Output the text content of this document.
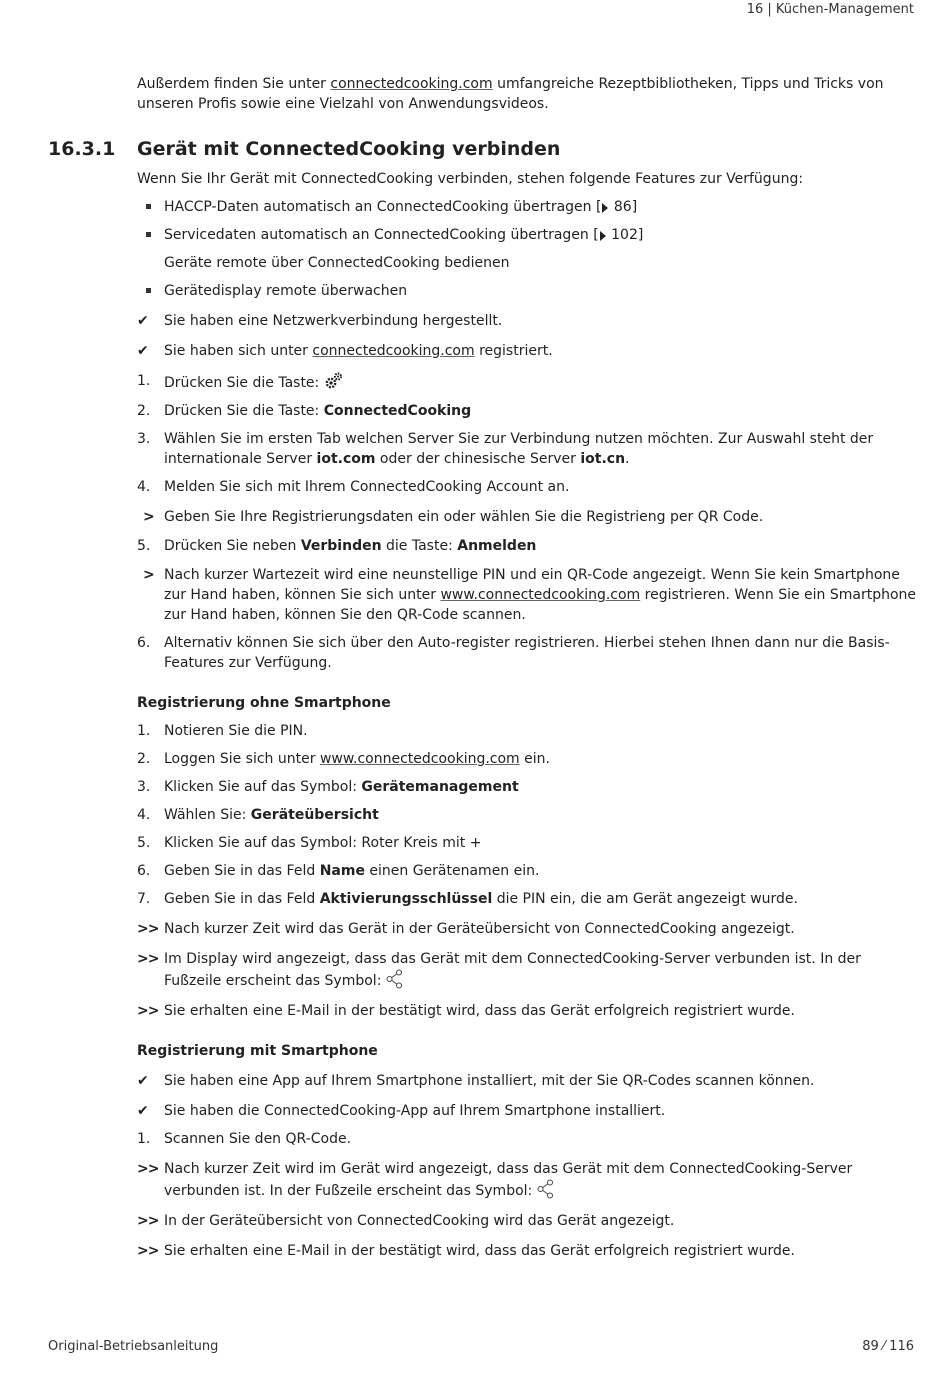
16 | Küchen-Management

Außerdem finden Sie unter connectedcooking.com umfangreiche Rezeptbibliotheken, Tipps und Tricks von unseren Profis sowie eine Vielzahl von Anwendungsvideos.

16.3.1 Gerät mit ConnectedCooking verbinden

Wenn Sie Ihr Gerät mit ConnectedCooking verbinden, stehen folgende Features zur Verfügung:

HACCP-Daten automatisch an ConnectedCooking übertragen [ 86]
Servicedaten automatisch an ConnectedCooking übertragen [ 102]
Geräte remote über ConnectedCooking bedienen
Gerätedisplay remote überwachen
✔	Sie haben eine Netzwerkverbindung hergestellt.
✔	Sie haben sich unter connectedcooking.com registriert.
1. Drücken Sie die Taste:
2. Drücken Sie die Taste: ConnectedCooking
3. Wählen Sie im ersten Tab welchen Server Sie zur Verbindung nutzen möchten. Zur Auswahl steht der internationale Server iot.com oder der chinesische Server iot.cn.
4. Melden Sie sich mit Ihrem ConnectedCooking Account an.
> Geben Sie Ihre Registrierungsdaten ein oder wählen Sie die Registrieng per QR Code.
5. Drücken Sie neben Verbinden die Taste: Anmelden
> Nach kurzer Wartezeit wird eine neunstellige PIN und ein QR-Code angezeigt. Wenn Sie kein Smartphone zur Hand haben, können Sie sich unter www.connectedcooking.com registrieren. Wenn Sie ein Smartphone zur Hand haben, können Sie den QR-Code scannen.
6. Alternativ können Sie sich über den Auto-register registrieren. Hierbei stehen Ihnen dann nur die Basis-Features zur Verfügung.

Registrierung ohne Smartphone

1. Notieren Sie die PIN.
2. Loggen Sie sich unter www.connectedcooking.com ein.
3. Klicken Sie auf das Symbol: Gerätemanagement
4. Wählen Sie: Geräteübersicht
5. Klicken Sie auf das Symbol: Roter Kreis mit +
6. Geben Sie in das Feld Name einen Gerätenamen ein.
7. Geben Sie in das Feld Aktivierungsschlüssel die PIN ein, die am Gerät angezeigt wurde.
>> Nach kurzer Zeit wird das Gerät in der Geräteübersicht von ConnectedCooking angezeigt.
>> Im Display wird angezeigt, dass das Gerät mit dem ConnectedCooking-Server verbunden ist. In der Fußzeile erscheint das Symbol:
>> Sie erhalten eine E-Mail in der bestätigt wird, dass das Gerät erfolgreich registriert wurde.

Registrierung mit Smartphone

✔	Sie haben eine App auf Ihrem Smartphone installiert, mit der Sie QR-Codes scannen können.
✔	Sie haben die ConnectedCooking-App auf Ihrem Smartphone installiert.
1. Scannen Sie den QR-Code.
>> Nach kurzer Zeit wird im Gerät wird angezeigt, dass das Gerät mit dem ConnectedCooking-Server verbunden ist. In der Fußzeile erscheint das Symbol:
>> In der Geräteübersicht von ConnectedCooking wird das Gerät angezeigt.
>> Sie erhalten eine E-Mail in der bestätigt wird, dass das Gerät erfolgreich registriert wurde.
Original-Betriebsanleitung	89 ⁄ 116
